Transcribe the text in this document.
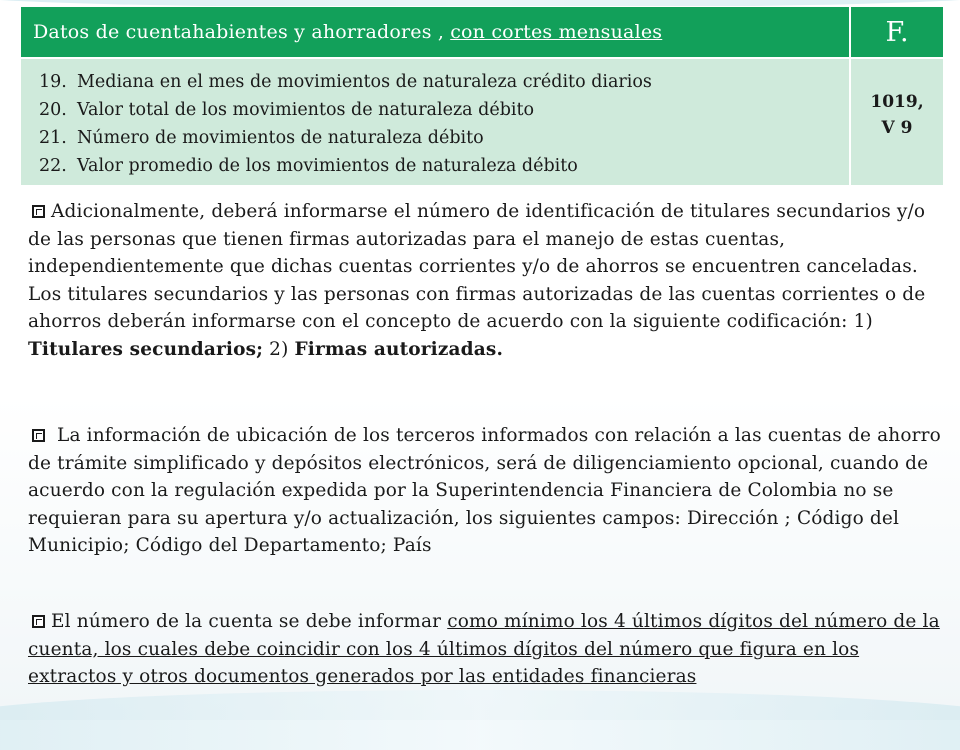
Datos de cuentahabientes y ahorradores , con cortes mensuales	F.
19. Mediana en el mes de movimientos de naturaleza crédito diarios
20. Valor total de los movimientos de naturaleza débito
21. Número de movimientos de naturaleza débito
22. Valor promedio de los movimientos de naturaleza débito
1019,
V 9
Adicionalmente, deberá informarse el número de identificación de titulares secundarios y/o de las personas que tienen firmas autorizadas para el manejo de estas cuentas, independientemente que dichas cuentas corrientes y/o de ahorros se encuentren canceladas. Los titulares secundarios y las personas con firmas autorizadas de las cuentas corrientes o de ahorros deberán informarse con el concepto de acuerdo con la siguiente codificación: 1) Titulares secundarios; 2) Firmas autorizadas.
La información de ubicación de los terceros informados con relación a las cuentas de ahorro de trámite simplificado y depósitos electrónicos, será de diligenciamiento opcional, cuando de acuerdo con la regulación expedida por la Superintendencia Financiera de Colombia no se requieran para su apertura y/o actualización, los siguientes campos: Dirección ; Código del Municipio; Código del Departamento; País
El número de la cuenta se debe informar como mínimo los 4 últimos dígitos del número de la cuenta, los cuales debe coincidir con los 4 últimos dígitos del número que figura en los extractos y otros documentos generados por las entidades financieras
